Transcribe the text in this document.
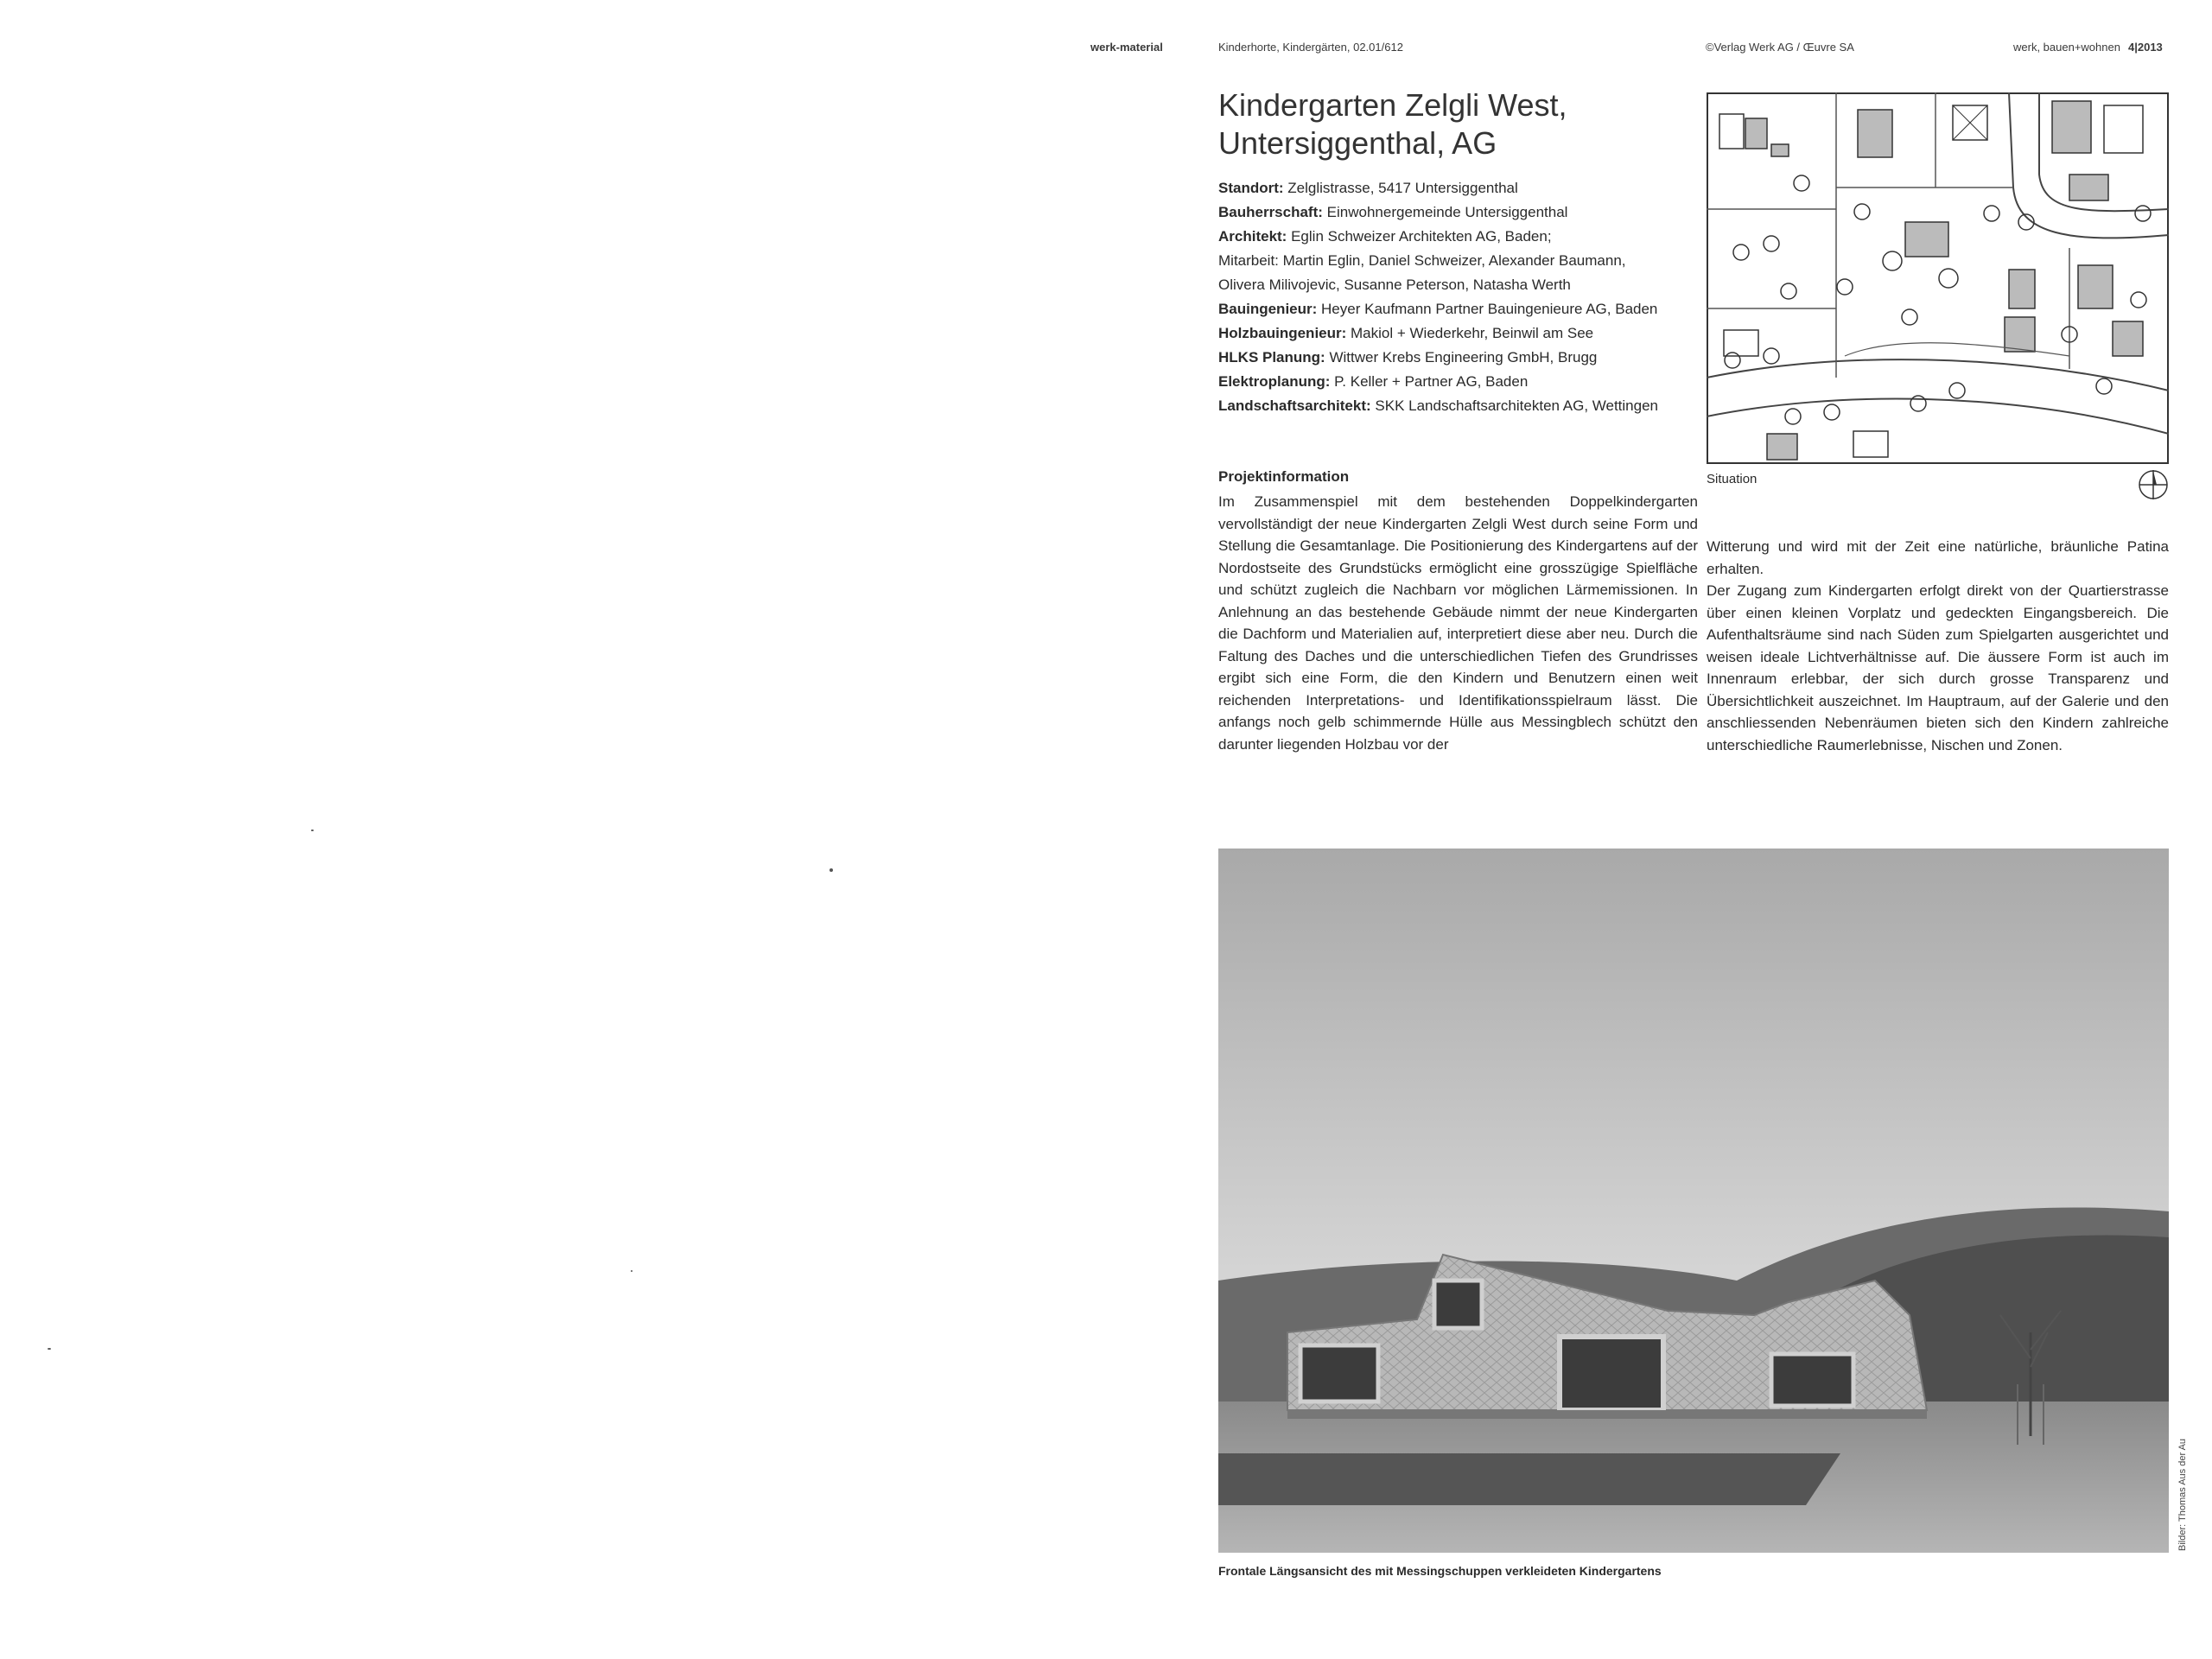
werk-material	Kinderhorte, Kindergärten, 02.01/612	©Verlag Werk AG / Œuvre SA	werk, bauen+wohnen 4|2013
Kindergarten Zelgli West,
Untersiggenthal, AG
Standort: Zelglistrasse, 5417 Untersiggenthal
Bauherrschaft: Einwohnergemeinde Untersiggenthal
Architekt: Eglin Schweizer Architekten AG, Baden;
Mitarbeit: Martin Eglin, Daniel Schweizer, Alexander Baumann,
Olivera Milivojevic, Susanne Peterson, Natasha Werth
Bauingenieur: Heyer Kaufmann Partner Bauingenieure AG, Baden
Holzbauingenieur: Makiol + Wiederkehr, Beinwil am See
HLKS Planung: Wittwer Krebs Engineering GmbH, Brugg
Elektroplanung: P. Keller + Partner AG, Baden
Landschaftsarchitekt: SKK Landschaftsarchitekten AG, Wettingen
Situation
Projektinformation
Im Zusammenspiel mit dem bestehenden Doppelkindergarten vervollständigt der neue Kindergarten Zelgli West durch seine Form und Stellung die Gesamtanlage. Die Positionierung des Kindergartens auf der Nordostseite des Grundstücks ermöglicht eine grosszügige Spielfläche und schützt zugleich die Nachbarn vor möglichen Lärmemissionen. In Anlehnung an das bestehende Gebäude nimmt der neue Kindergarten die Dachform und Materialien auf, interpretiert diese aber neu. Durch die Faltung des Daches und die unterschiedlichen Tiefen des Grundrisses ergibt sich eine Form, die den Kindern und Benutzern einen weit reichenden Interpretations- und Identifikationsspielraum lässt. Die anfangs noch gelb schimmernde Hülle aus Messingblech schützt den darunter liegenden Holzbau vor der
Witterung und wird mit der Zeit eine natürliche, bräunliche Patina erhalten.
Der Zugang zum Kindergarten erfolgt direkt von der Quartierstrasse über einen kleinen Vorplatz und gedeckten Eingangsbereich. Die Aufenthaltsräume sind nach Süden zum Spielgarten ausgerichtet und weisen ideale Lichtverhältnisse auf. Die äussere Form ist auch im Innenraum erlebbar, der sich durch grosse Transparenz und Übersichtlichkeit auszeichnet. Im Hauptraum, auf der Galerie und den anschliessenden Nebenräumen bieten sich den Kindern zahlreiche unterschiedliche Raumerlebnisse, Nischen und Zonen.
Frontale Längsansicht des mit Messingschuppen verkleideten Kindergartens
Bilder: Thomas Aus der Au
